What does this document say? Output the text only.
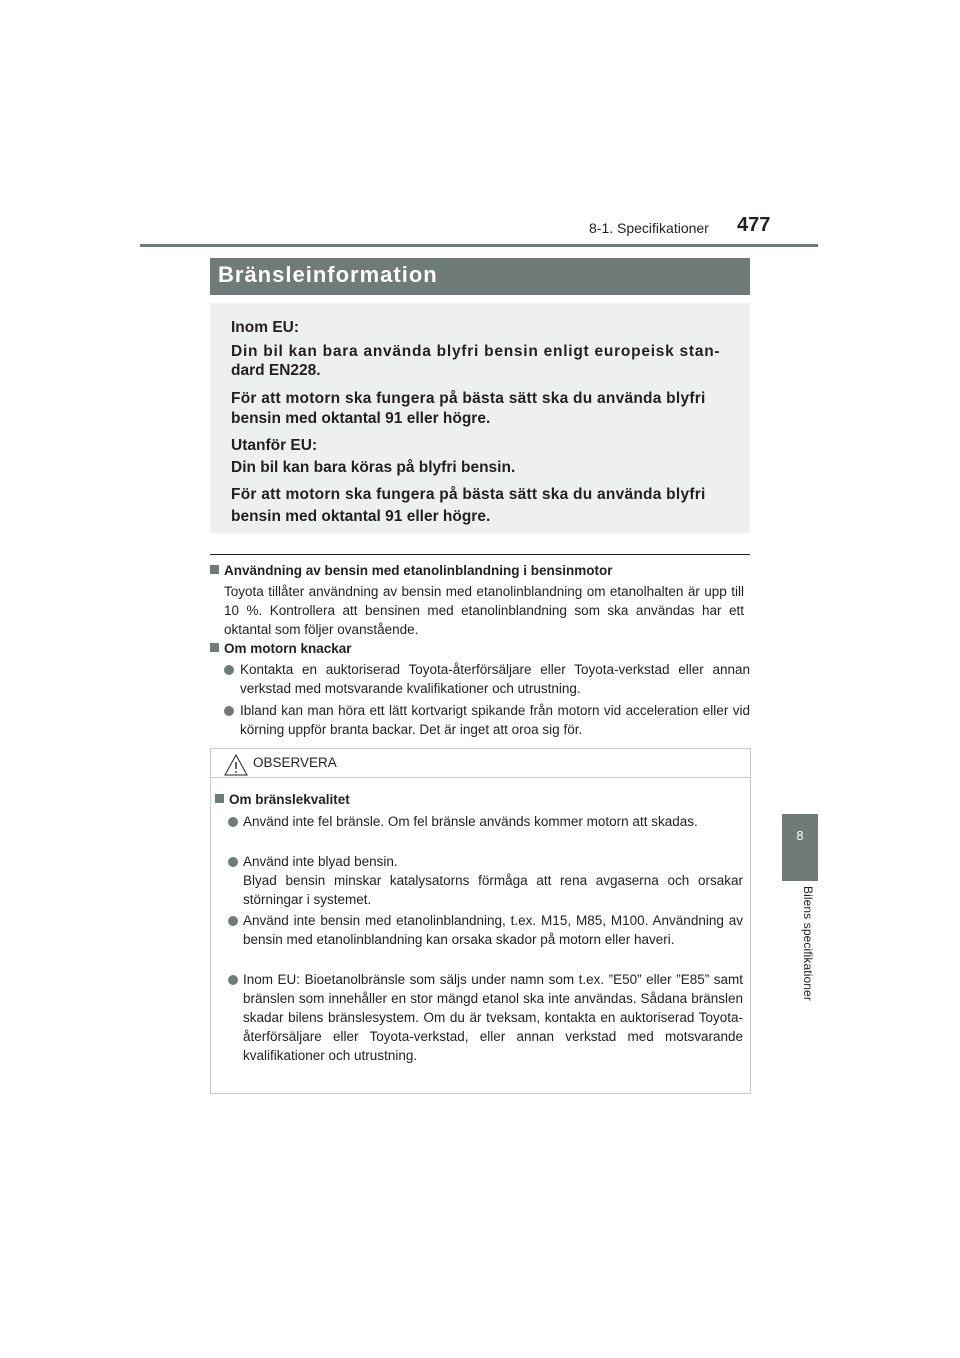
8-1. Specifikationer 477
8
Bilens specifikationer
Bränsleinformation

Inom EU:

Din bil kan bara använda blyfri bensin enligt europeisk stan-

dard EN228.

För att motorn ska fungera på bästa sätt ska du använda blyfri

bensin med oktantal 91 eller högre.

Utanför EU:

Din bil kan bara köras på blyfri bensin.

För att motorn ska fungera på bästa sätt ska du använda blyfri

bensin med oktantal 91 eller högre.

Användning av bensin med etanolinblandning i bensinmotor

Toyota tillåter användning av bensin med etanolinblandning om etanolhalten är upp till 10 %. Kontrollera att bensinen med etanolinblandning som ska användas har ett oktantal som följer ovanstående.

Om motorn knackar

Kontakta en auktoriserad Toyota-återförsäljare eller Toyota-verkstad eller annan verkstad med motsvarande kvalifikationer och utrustning.

Ibland kan man höra ett lätt kortvarigt spikande från motorn vid acceleration eller vid körning uppför branta backar. Det är inget att oroa sig för.

OBSERVERA
Om bränslekvalitet

Använd inte fel bränsle. Om fel bränsle används kommer motorn att skadas.

Använd inte blyad bensin.

Blyad bensin minskar katalysatorns förmåga att rena avgaserna och orsakar störningar i systemet.

Använd inte bensin med etanolinblandning, t.ex. M15, M85, M100. Användning av bensin med etanolinblandning kan orsaka skador på motorn eller haveri.

Inom EU: Bioetanolbränsle som säljs under namn som t.ex. ”E50” eller ”E85” samt bränslen som innehåller en stor mängd etanol ska inte användas. Sådana bränslen skadar bilens bränslesystem. Om du är tveksam, kontakta en auktoriserad Toyota-återförsäljare eller Toyota-verkstad, eller annan verkstad med motsvarande kvalifikationer och utrustning.
